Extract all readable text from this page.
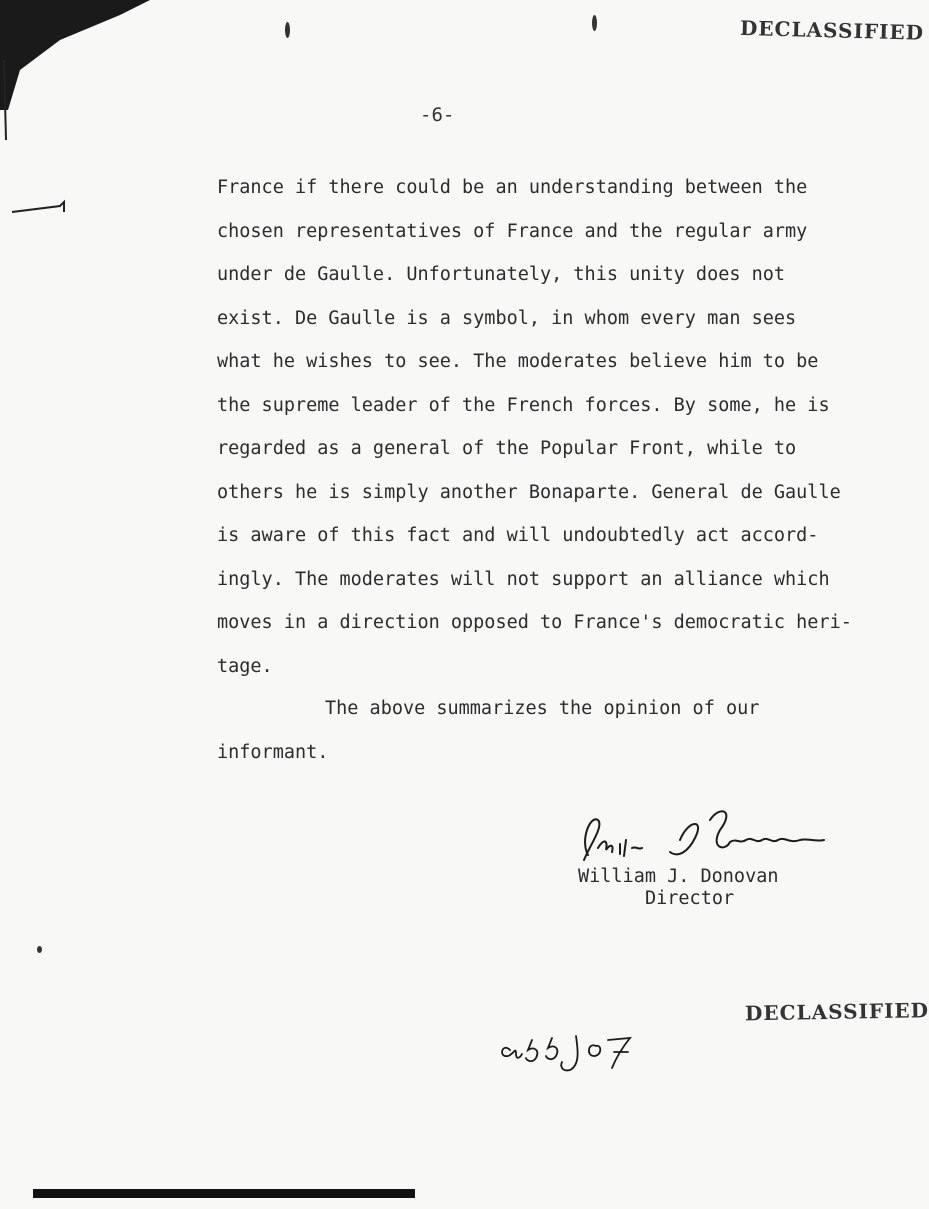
DECLASSIFIED
-6-
France if there could be an understanding between the
chosen representatives of France and the regular army
under de Gaulle. Unfortunately, this unity does not
exist. De Gaulle is a symbol, in whom every man sees
what he wishes to see. The moderates believe him to be
the supreme leader of the French forces. By some, he is
regarded as a general of the Popular Front, while to
others he is simply another Bonaparte. General de Gaulle
is aware of this fact and will undoubtedly act accord-
ingly. The moderates will not support an alliance which
moves in a direction opposed to France's democratic heri-
tage.
The above summarizes the opinion of our
informant.
William J. Donovan
Director
DECLASSIFIED
